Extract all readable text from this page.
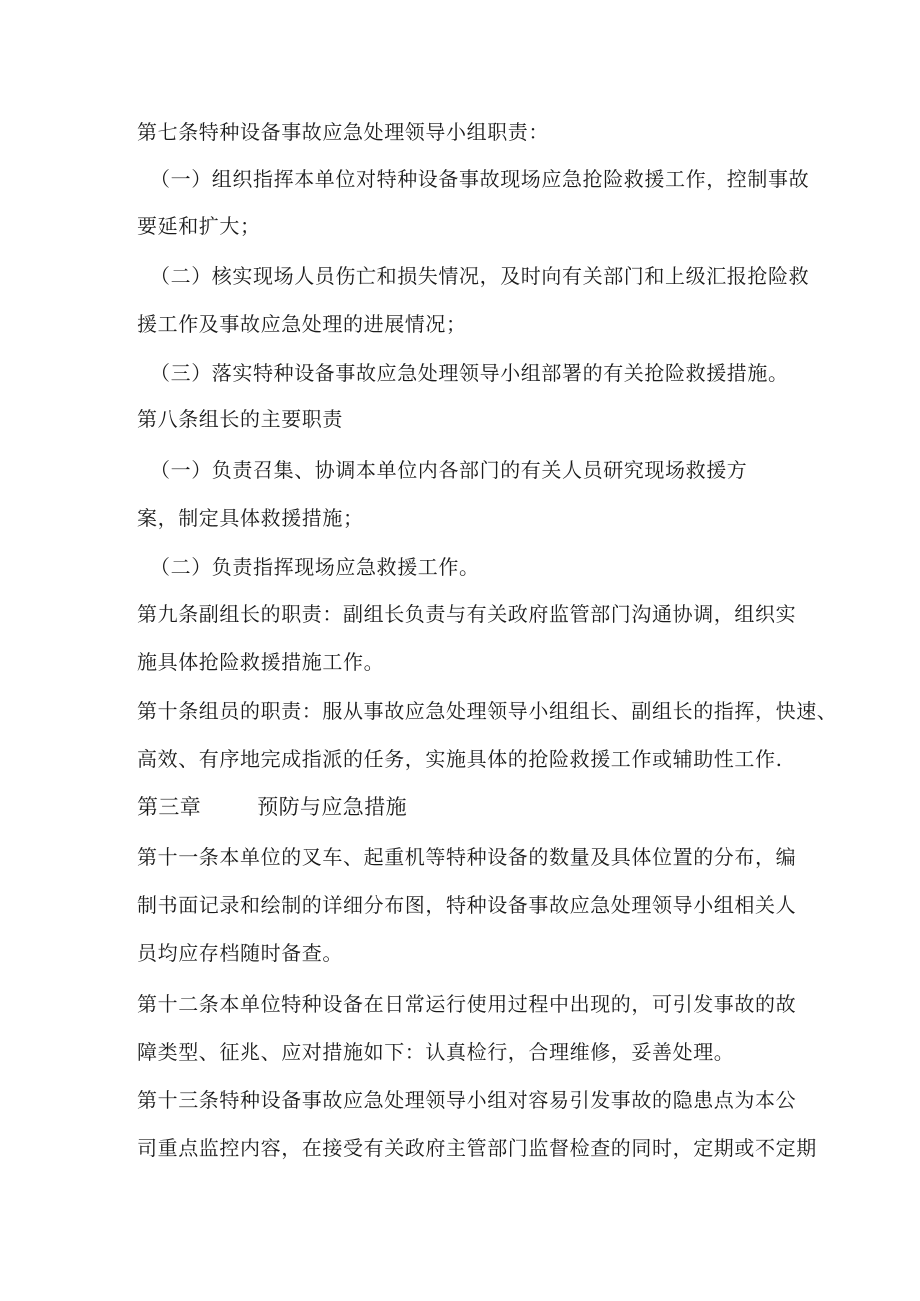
第七条特种设备事故应急处理领导小组职责：
（一）组织指挥本单位对特种设备事故现场应急抢险救援工作，控制事故
要延和扩大；
（二）核实现场人员伤亡和损失情况，及时向有关部门和上级汇报抢险救
援工作及事故应急处理的进展情况；
（三）落实特种设备事故应急处理领导小组部署的有关抢险救援措施。
第八条组长的主要职责
（一）负责召集、协调本单位内各部门的有关人员研究现场救援方
案，制定具体救援措施；
（二）负责指挥现场应急救援工作。
第九条副组长的职责：副组长负责与有关政府监管部门沟通协调，组织实
施具体抢险救援措施工作。
第十条组员的职责：服从事故应急处理领导小组组长、副组长的指挥，快速、
高效、有序地完成指派的任务，实施具体的抢险救援工作或辅助性工作.
第三章	预防与应急措施
第十一条本单位的叉车、起重机等特种设备的数量及具体位置的分布，编
制书面记录和绘制的详细分布图，特种设备事故应急处理领导小组相关人
员均应存档随时备查。
第十二条本单位特种设备在日常运行使用过程中出现的，可引发事故的故
障类型、征兆、应对措施如下：认真检行，合理维修，妥善处理。
第十三条特种设备事故应急处理领导小组对容易引发事故的隐患点为本公
司重点监控内容，在接受有关政府主管部门监督检查的同时，定期或不定期
